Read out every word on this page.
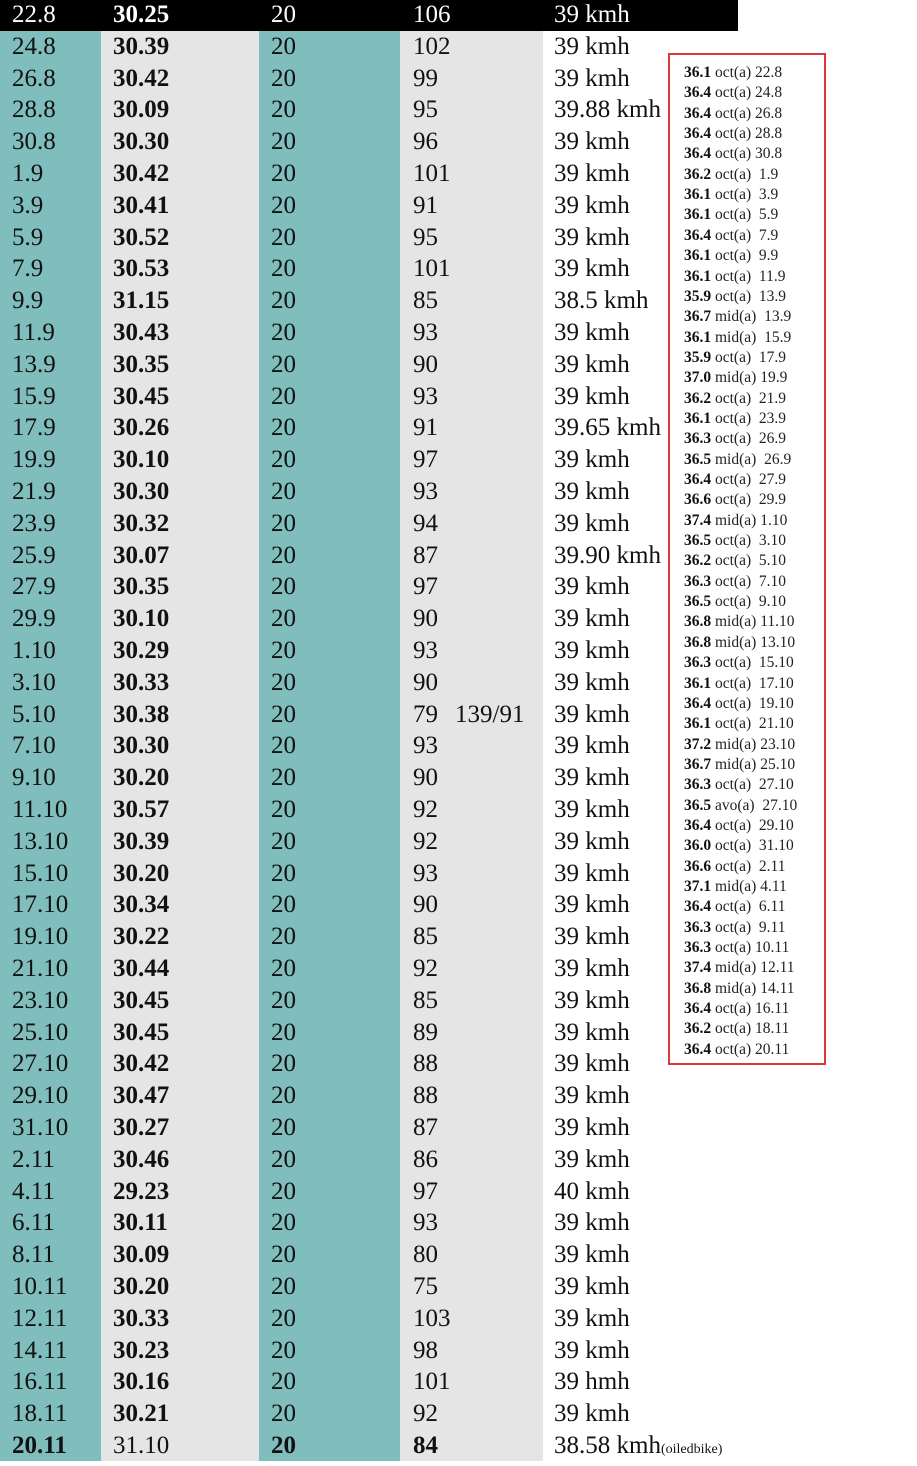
22.8 30.25	20	106	39 kmh
24.8 30.39	20	102	39 kmh
26.8 30.42	20	99	39 kmh
28.8 30.09	20	95	39.88 kmh
30.8 30.30	20	96	39 kmh
1.9	30.42	20	101	39 kmh
3.9	30.41	20	91	39 kmh
5.9	30.52	20	95	39 kmh
7.9	30.53	20	101	39 kmh
9.9	31.15	20	85	38.5 kmh
11.9 30.43	20	93	39 kmh
13.9 30.35	20	90	39 kmh
15.9 30.45	20	93	39 kmh
17.9 30.26	20	91	39.65 kmh
19.9 30.10	20	97	39 kmh
21.9 30.30	20	93	39 kmh
23.9 30.32	20	94	39 kmh
25.9 30.07	20	87	39.90 kmh
27.9 30.35	20	97	39 kmh
29.9 30.10	20	90	39 kmh
1.10 30.29	20	93	39 kmh
3.10 30.33	20	90	39 kmh
5.10 30.38	20	79 139/91 39 kmh
7.10 30.30	20	93	39 kmh
9.10 30.20	20	90	39 kmh
11.10 30.57	20	92	39 kmh
13.10 30.39	20	92	39 kmh
15.10 30.20	20	93	39 kmh
17.10 30.34	20	90	39 kmh
19.10 30.22	20	85	39 kmh
21.10 30.44	20	92	39 kmh
23.10 30.45	20	85	39 kmh
25.10 30.45	20	89	39 kmh
27.10 30.42	20	88	39 kmh
29.10 30.47	20	88	39 kmh
31.10 30.27	20	87	39 kmh
2.11 30.46	20	86	39 kmh
4.11 29.23	20	97	40 kmh
6.11 30.11	20	93	39 kmh
8.11 30.09	20	80	39 kmh
10.11 30.20	20	75	39 kmh
12.11 30.33	20	103	39 kmh
14.11 30.23	20	98	39 kmh
16.11 30.16	20	101	39 hmh
18.11 30.21	20	92	39 kmh
20.11 31.10	20	84	38.58 kmh(oiledbike)
36.1 oct(a) 22.8
36.4 oct(a) 24.8
36.4 oct(a) 26.8
36.4 oct(a) 28.8
36.4 oct(a) 30.8
36.2 oct(a)  1.9
36.1 oct(a)  3.9
36.1 oct(a)  5.9
36.4 oct(a)  7.9
36.1 oct(a)  9.9
36.1 oct(a)  11.9
35.9 oct(a)  13.9
36.7 mid(a)  13.9
36.1 mid(a)  15.9
35.9 oct(a)  17.9
37.0 mid(a) 19.9
36.2 oct(a)  21.9
36.1 oct(a)  23.9
36.3 oct(a)  26.9
36.5 mid(a)  26.9
36.4 oct(a)  27.9
36.6 oct(a)  29.9
37.4 mid(a) 1.10
36.5 oct(a)  3.10
36.2 oct(a)  5.10
36.3 oct(a)  7.10
36.5 oct(a)  9.10
36.8 mid(a) 11.10
36.8 mid(a) 13.10
36.3 oct(a)  15.10
36.1 oct(a)  17.10
36.4 oct(a)  19.10
36.1 oct(a)  21.10
37.2 mid(a) 23.10
36.7 mid(a) 25.10
36.3 oct(a)  27.10
36.5 avo(a)  27.10
36.4 oct(a)  29.10
36.0 oct(a)  31.10
36.6 oct(a)  2.11
37.1 mid(a) 4.11
36.4 oct(a)  6.11
36.3 oct(a)  9.11
36.3 oct(a) 10.11
37.4 mid(a) 12.11
36.8 mid(a) 14.11
36.4 oct(a) 16.11
36.2 oct(a) 18.11
36.4 oct(a) 20.11
